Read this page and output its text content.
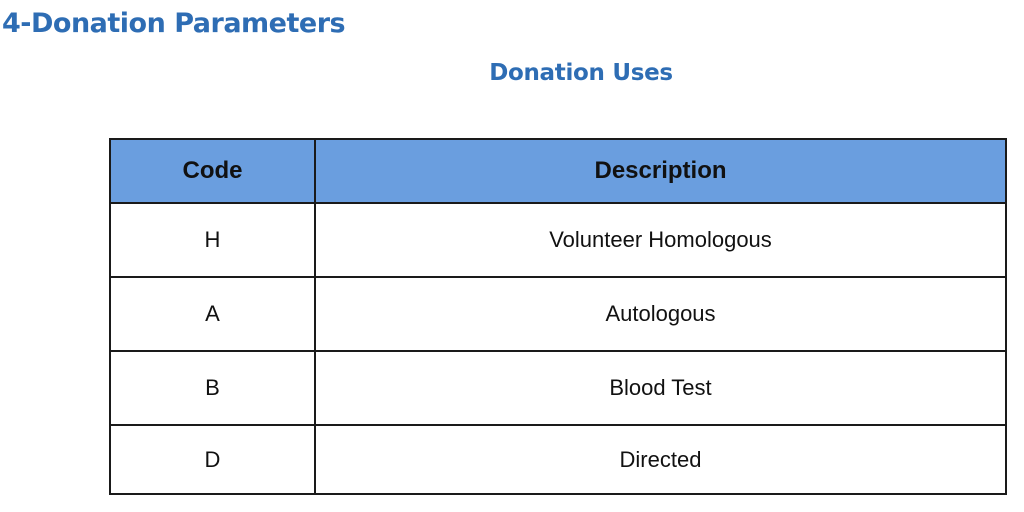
4-Donation Parameters
Donation Uses
Code	Description
H	Volunteer Homologous
A	Autologous
B	Blood Test
D	Directed
